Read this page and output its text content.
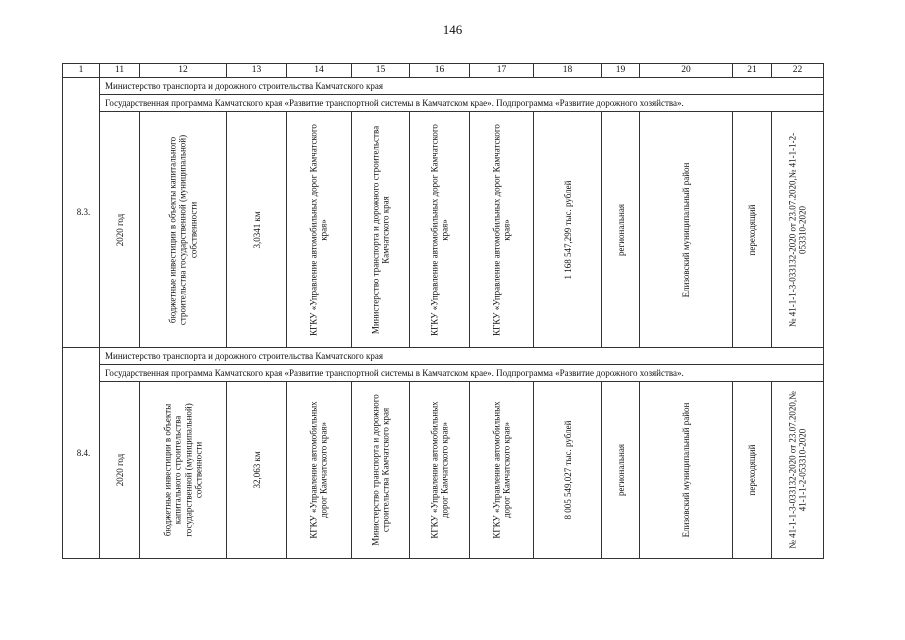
146
1	11	12	13	14	15	16	17	18	19	20	21	22
8.3.	Министерство транспорта и дорожного строительства Камчатского края											
	Государственная программа Камчатского края «Развитие транспортной системы в Камчатском крае». Подпрограмма «Развитие дорожного хозяйства».											

	2020 год	бюджетные инвестиции в объекты капитального строительства государственной (муниципальной) собственности	3,0341 км	КГКУ «Управление автомобильных дорог Камчатского края»	Министерство транспорта и дорожного строительства Камчатского края	КГКУ «Управление автомобильных дорог Камчатского края»	КГКУ «Управление автомобильных дорог Камчатского края»	1 168 547,299 тыс. рублей	региональная	Елизовский муниципальный район	переходящий	№ 41-1-1-3-033132-2020 от 23.07.2020,№ 41-1-1-2-053310-2020

8.4.	Министерство транспорта и дорожного строительства Камчатского края											
	Государственная программа Камчатского края «Развитие транспортной системы в Камчатском крае». Подпрограмма «Развитие дорожного хозяйства».											

	2020 год	бюджетные инвестиции в объекты капитального строительства государственной (муниципальной) собственности	32,063 км	КГКУ «Управление автомобильных дорог Камчатского края»	Министерство транспорта и дорожного строительства Камчатского края	КГКУ «Управление автомобильных дорог Камчатского края»	КГКУ «Управление автомобильных дорог Камчатского края»	8 005 549,027 тыс. рублей	региональная	Елизовский муниципальный район	переходящий	№ 41-1-1-3-033132-2020 от 23.07.2020,№ 41-1-1-2-053310-2020
